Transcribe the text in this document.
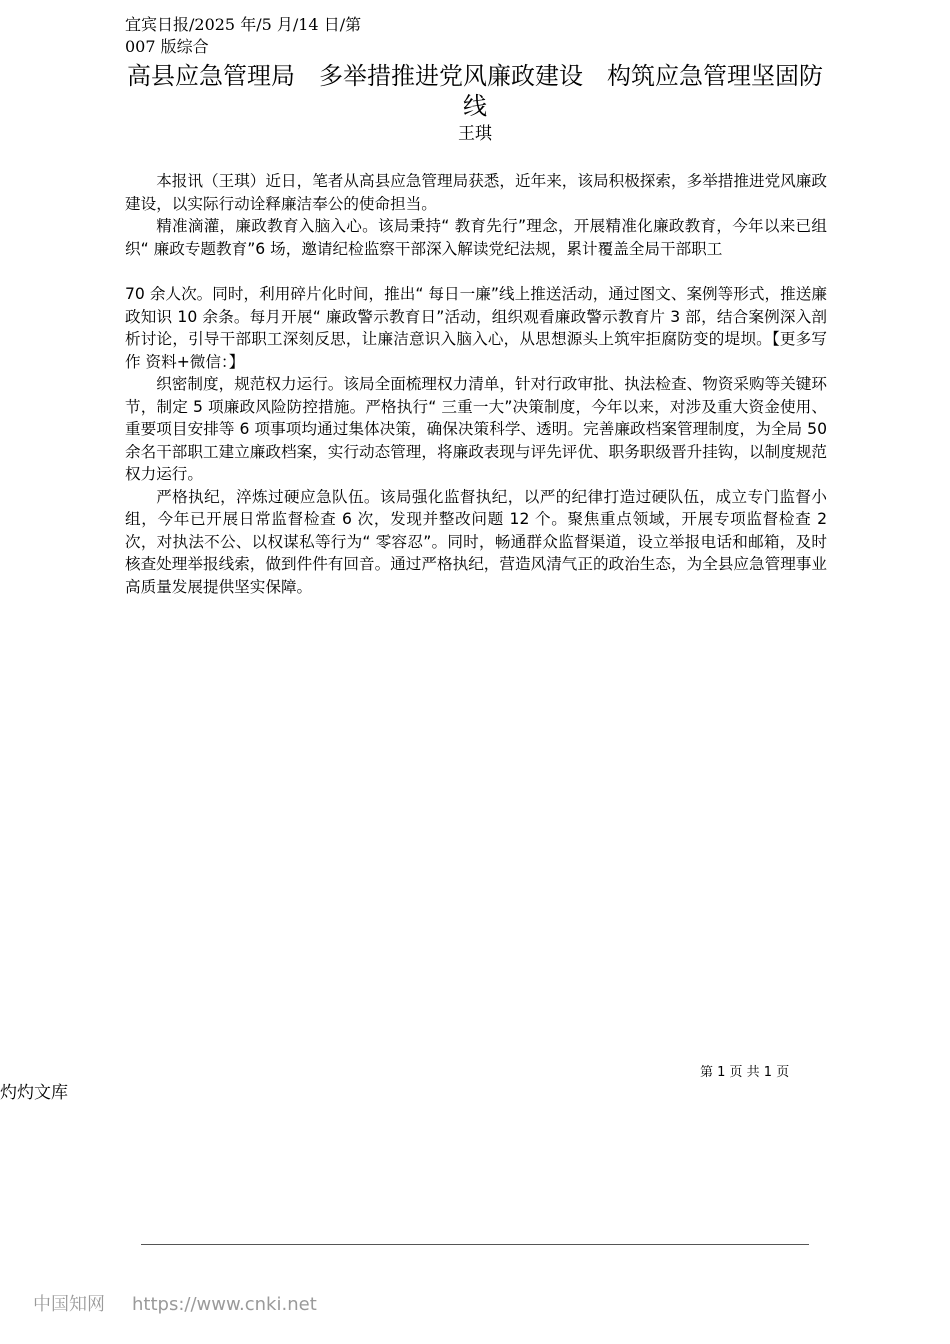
宜宾日报/2025 年/5 月/14 日/第 007 版综合
高县应急管理局　多举措推进党风廉政建设　构筑应急管理坚固防线
王琪

本报讯（王琪）近日，笔者从高县应急管理局获悉，近年来，该局积极探索，多举措推进党风廉政建设，以实际行动诠释廉洁奉公的使命担当。

精准滴灌，廉政教育入脑入心。该局秉持“ 教育先行”理念，开展精准化廉政教育，今年以来已组织“ 廉政专题教育”6 场，邀请纪检监察干部深入解读党纪法规，累计覆盖全局干部职工

70 余人次。同时，利用碎片化时间，推出“ 每日一廉”线上推送活动，通过图文、案例等形式，推送廉政知识 10 余条。每月开展“ 廉政警示教育日”活动，组织观看廉政警示教育片 3 部，结合案例深入剖析讨论，引导干部职工深刻反思，让廉洁意识入脑入心，从思想源头上筑牢拒腐防变的堤坝。【更多写作 资料+微信：】

织密制度，规范权力运行。该局全面梳理权力清单，针对行政审批、执法检查、物资采购等关键环节，制定 5 项廉政风险防控措施。严格执行“ 三重一大”决策制度，今年以来，对涉及重大资金使用、重要项目安排等 6 项事项均通过集体决策，确保决策科学、透明。完善廉政档案管理制度，为全局 50 余名干部职工建立廉政档案，实行动态管理，将廉政表现与评先评优、职务职级晋升挂钩，以制度规范权力运行。

严格执纪，淬炼过硬应急队伍。该局强化监督执纪，以严的纪律打造过硬队伍，成立专门监督小组，今年已开展日常监督检查 6 次，发现并整改问题 12 个。聚焦重点领域，开展专项监督检查 2 次，对执法不公、以权谋私等行为“ 零容忍”。同时，畅通群众监督渠道，设立举报电话和邮箱，及时核查处理举报线索，做到件件有回音。通过严格执纪，营造风清气正的政治生态，为全县应急管理事业高质量发展提供坚实保障。

第 1 页 共 1 页
灼灼文库
中国知网	https://www.cnki.net
